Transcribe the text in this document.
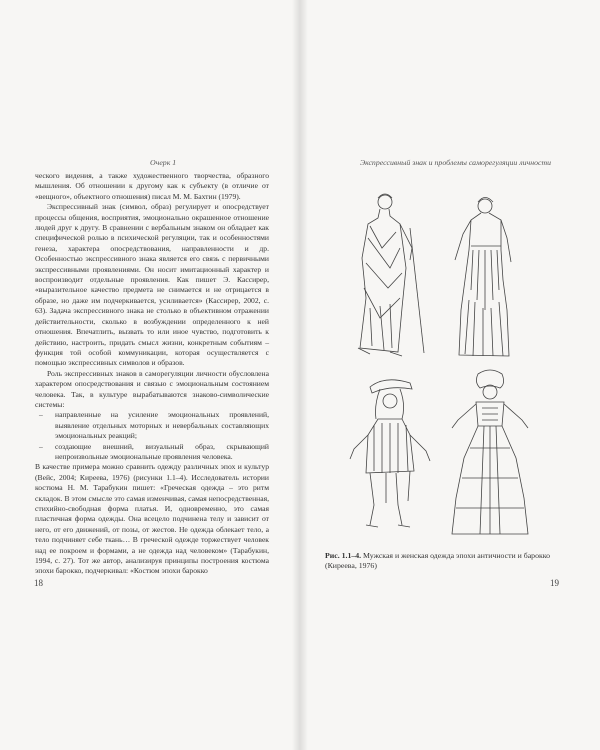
Очерк 1	Экспрессивный знак и проблемы саморегуляции личности

ческого видения, а также художественного творчества, образного мышления. Об отношении к другому как к субъекту (в отличие от «вещного», объектного отношения) писал М. М. Бахтин (1979).

Экспрессивный знак (символ, образ) регулирует и опосредствует процессы общения, восприятия, эмоционально окрашенное отношение людей друг к другу. В сравнении с вербальным знаком он обладает как специфической ролью в психической регуляции, так и особенностями генеза, характера опосредствования, направленности и др. Особенностью экспрессивного знака является его связь с первичными экспрессивными проявлениями. Он носит имитационный характер и воспроизводит отдельные проявления. Как пишет Э. Кассирер, «выразительное качество предмета не снимается и не отрицается в образе, но даже им подчеркивается, усиливается» (Кассирер, 2002, с. 63). Задача экспрессивного знака не столько в объективном отражении действительности, сколько в возбуждении определенного к ней отношения. Впечатлить, вызвать то или иное чувство, подготовить к действию, настроить, придать смысл жизни, конкретным событиям – функция той особой коммуникации, которая осуществляется с помощью экспрессивных символов и образов.

Роль экспрессивных знаков в саморегуляции личности обусловлена характером опосредствования и связью с эмоциональным состоянием человека. Так, в культуре вырабатываются знаково-символические системы:

– направленные на усиление эмоциональных проявлений, выявление отдельных моторных и невербальных составляющих эмоциональных реакций;
– создающие внешний, визуальный образ, скрывающий непроизвольные эмоциональные проявления человека.

В качестве примера можно сравнить одежду различных эпох и культур (Вейс, 2004; Киреева, 1976) (рисунки 1.1–4). Исследователь истории костюма Н. М. Тарабукин пишет: «Греческая одежда – это ритм складок. В этом смысле это самая изменчивая, самая непосредственная, стихийно-свободная форма платья. И, одновременно, это самая пластичная форма одежды. Она всецело подчинена телу и зависит от него, от его движений, от позы, от жестов. Не одежда облекает тело, а тело подчиняет себе ткань… В греческой одежде торжествует человек над ее покроем и формами, а не одежда над человеком» (Тарабукин, 1994, с. 27). Тот же автор, анализируя принципы построения костюма эпохи барокко, подчеркивал: «Костюм эпохи барокко

18
Рис. 1.1–4. Мужская и женская одежда эпохи античности и барокко (Киреева, 1976)
19
